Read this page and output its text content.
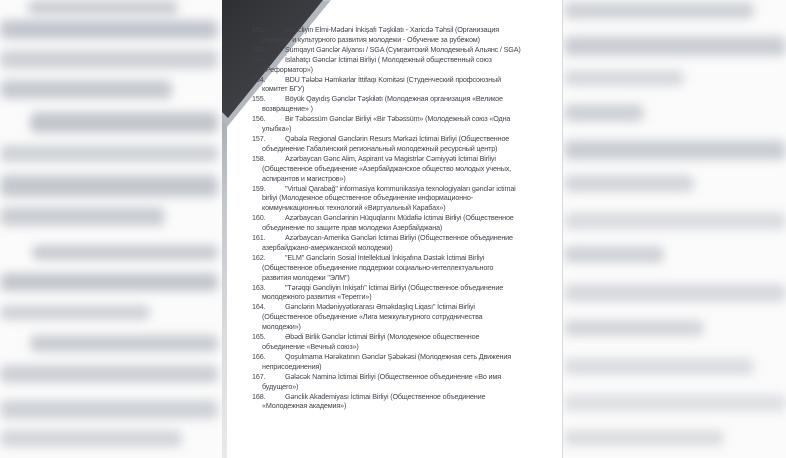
151.	Gəncliyin Elmi-Mədəni İnkişafı Təşkilatı - Xaricdə Təhsil (Организация научного и культурного развития молодежи - Обучение за рубежом)
152.	Sumqayıt Gənclər Alyansı / SGA (Сумгаитский Молодежный Альянс / SGA)
153.	İslahatçı Gənclər İctimai Birliyi ( Молодежный общественный союз «Реформатор»)
154.	BDU Tələbə Həmkarlar İttifaqı Komitəsi (Студенческий профсоюзный комитет БГУ)
155.	Böyük Qayıdış Gənclər Təşkilatı (Молодежная организация «Великое возвращение» )
156.	Bir Təbəssüm Gənclər Birliyi «Bir Təbəssüm» (Молодежный союз «Одна улыбка»)
157.	Qəbələ Regional Gənclərin Resurs Mərkəzi İctimai Birliyi (Общественное объединение Габалинский региональный молодежный ресурсный центр)
158.	Azərbaycan Gənc Alim, Aspirant və Magistrlər Cəmiyyəti İctimai Birliyi (Общественное объединение «Азербайджанское общество молодых ученых, аспирантов и магистров»)
159.	"Virtual Qarabağ" informasiya kommunikasiya texnologiyaları gənclər ictimai birliyi (Молодежное общественное объединение информационно-коммуникационных технологий «Виртуальный Карабах»)
160.	Azərbaycan Gənclərinin Hüquqlarını Müdafiə İctimai Birliyi (Общественное объединение по защите прав молодежи Азербайджана)
161.	Azərbaycan-Amerika Gəncləri İctimai Birliyi (Общественное объединение азербайджано-американской молодежи)
162.	"ELM" Gənclərin Sosial İntellektual İnkişafına Dəstək İctimai Birliyi (Общественное объединение поддержки социально-интеллектуального развития молодежи "ЭЛМ")
163.	"Tərəqqi Gəncliyin İnkişafı" İctimai Birliyi (Общественное объединение молодежного развития «Терегги»)
164.	Gənclərin Mədəniyyətlərarası Əməkdaşlıq Liqası" İctimai Birliyi (Общественное объединение «Лига межкультурного сотрудничества молодежи»)
165.	Əbədi Birlik Gənclər İctimai Birliyi (Молодежное общественное объединение «Вечный союз»)
166.	Qoşulmama Hərəkatının Gənclər Şəbəkəsi (Молодежная сеть Движения неприсоединения)
167.	Gələcək Naminə İctimai Birliyi (Общественное объединение «Во имя будущего»)
168.	Gənclik Akademiyası İctimai Birliyi (Общественное объединение «Молодежная академия»)
